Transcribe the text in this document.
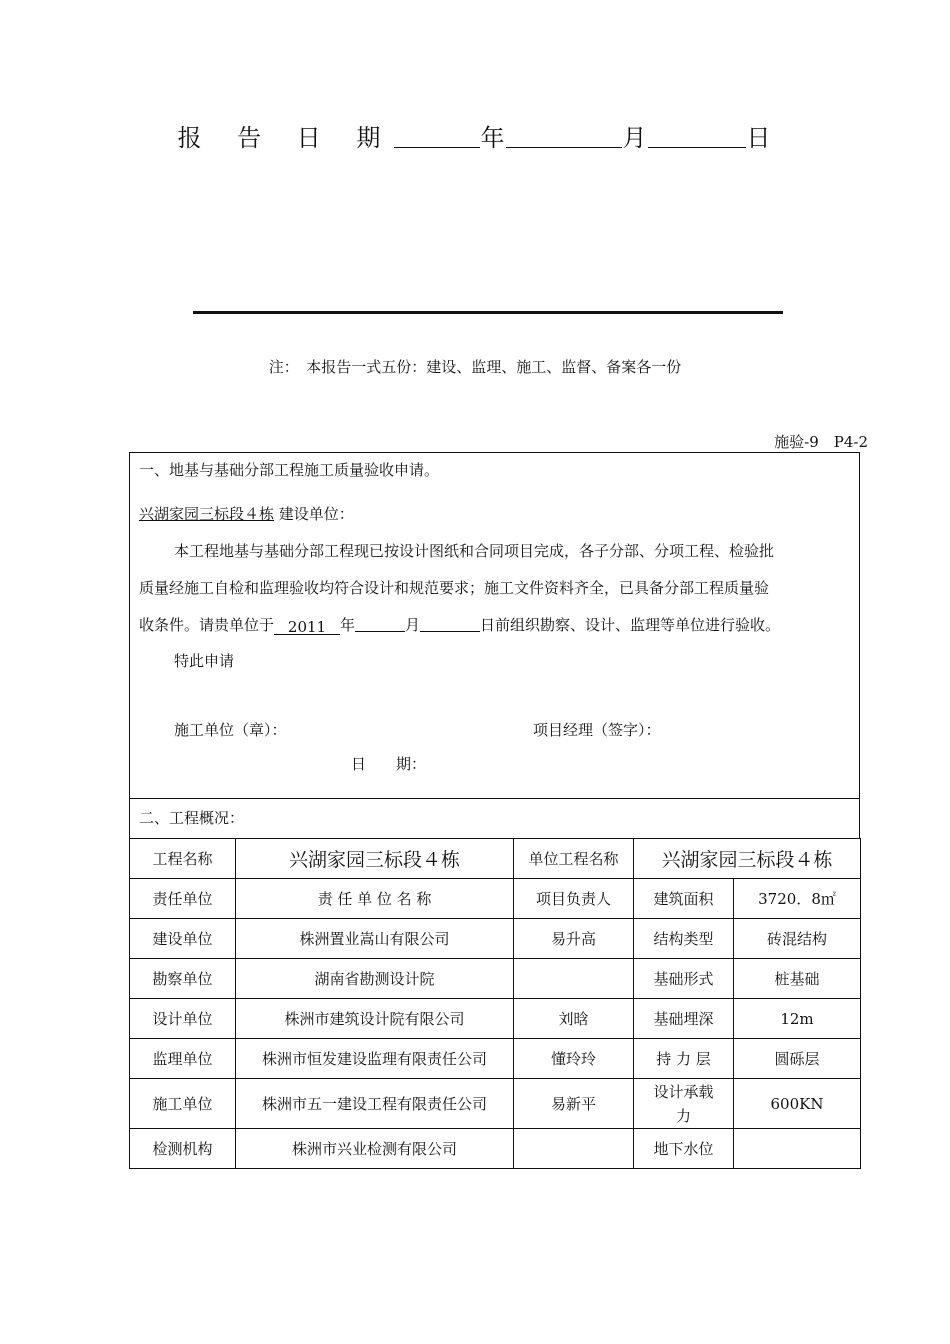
报 告 日 期	年	月	日
注：　本报告一式五份：建设、监理、施工、监督、备案各一份
施验-9　P4-2
一、地基与基础分部工程施工质量验收申请。
兴湖家园三标段４栋 建设单位：
本工程地基与基础分部工程现已按设计图纸和合同项目完成，各子分部、分项工程、检验批
质量经施工自检和监理验收均符合设计和规范要求；施工文件资料齐全，已具备分部工程质量验
收条件。请贵单位于 2011 年	月	日前组织勘察、设计、监理等单位进行验收。
特此申请
施工单位（章）：	项目经理（签字）：
日　　期：
二、工程概况：
工程名称	兴湖家园三标段４栋	单位工程名称	兴湖家园三标段４栋	
责任单位	责 任 单 位 名 称	项目负责人	建筑面积	3720．8㎡
建设单位	株洲置业嵩山有限公司	易升高	结构类型	砖混结构
勘察单位	湖南省勘测设计院		基础形式	桩基础
设计单位	株洲市建筑设计院有限公司	刘晗	基础埋深	12m
监理单位	株洲市恒发建设监理有限责任公司	懂玲玲	持 力 层	圆砾层
施工单位	株洲市五一建设工程有限责任公司	易新平	设计承载力	600KN
检测机构	株洲市兴业检测有限公司		地下水位	
